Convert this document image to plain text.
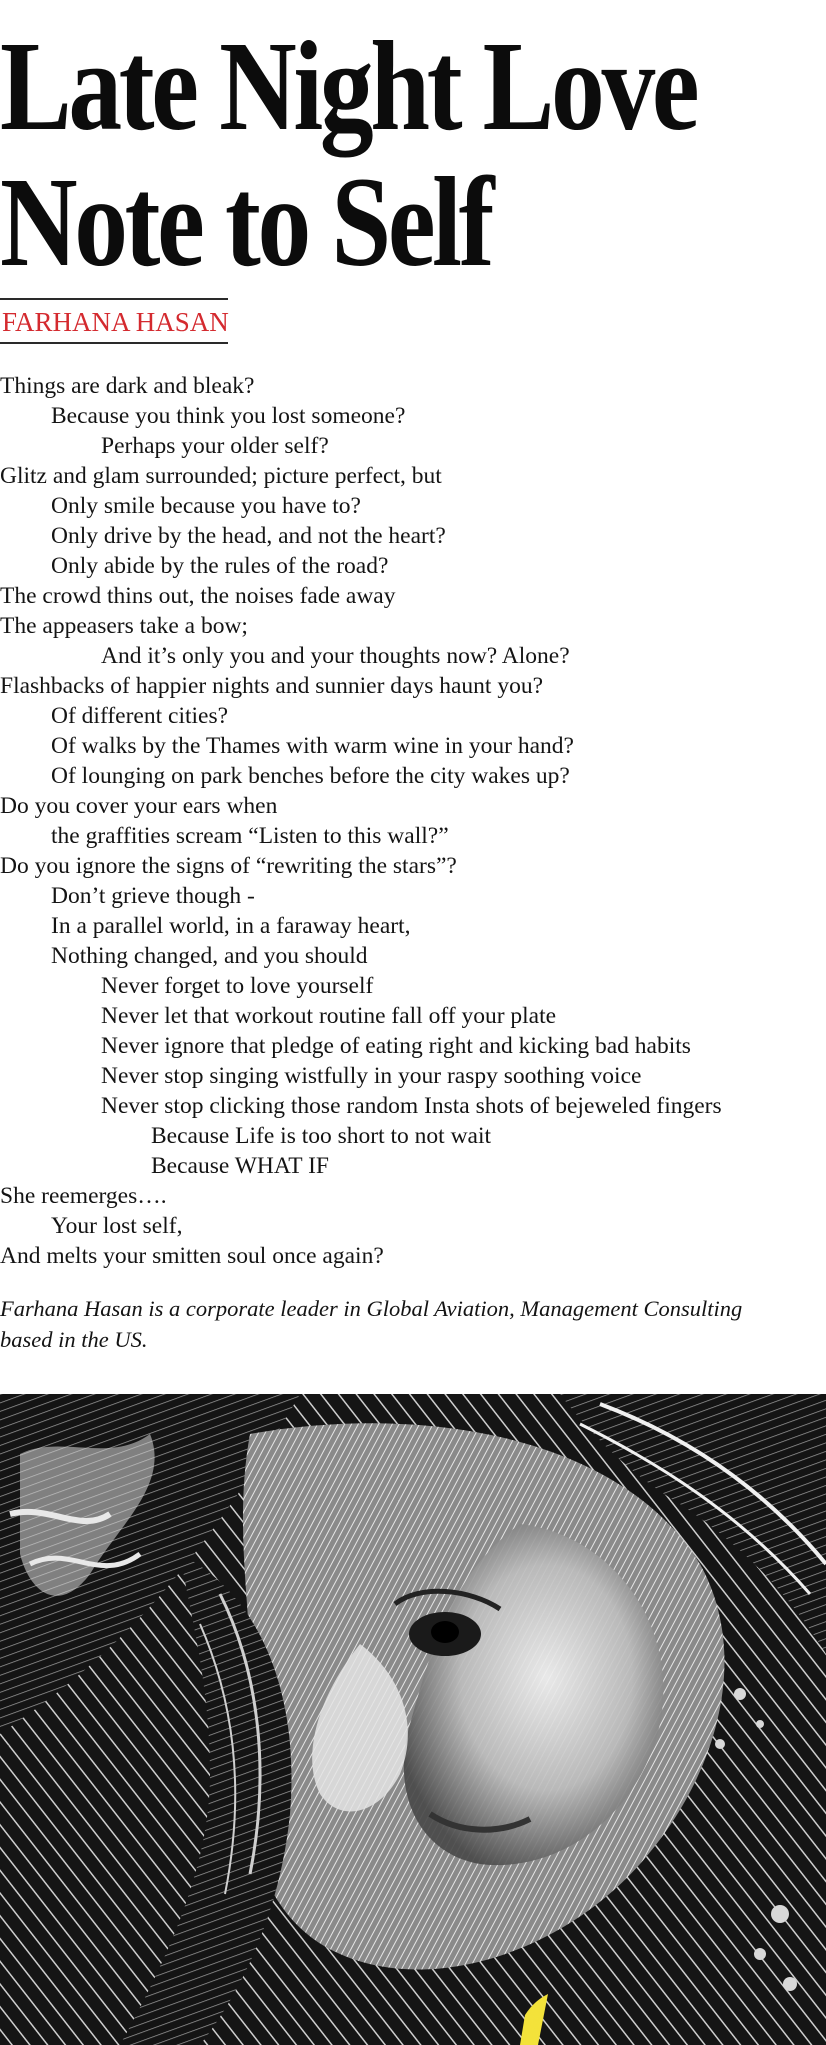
Late Night Love
Note to Self
FARHANA HASAN
Things are dark and bleak?
Because you think you lost someone?
Perhaps your older self?
Glitz and glam surrounded; picture perfect, but
Only smile because you have to?
Only drive by the head, and not the heart?
Only abide by the rules of the road?
The crowd thins out, the noises fade away
The appeasers take a bow;
And it’s only you and your thoughts now? Alone?
Flashbacks of happier nights and sunnier days haunt you?
Of different cities?
Of walks by the Thames with warm wine in your hand?
Of lounging on park benches before the city wakes up?
Do you cover your ears when
the graffities scream “Listen to this wall?”
Do you ignore the signs of “rewriting the stars”?
Don’t grieve though -
In a parallel world, in a faraway heart,
Nothing changed, and you should
Never forget to love yourself
Never let that workout routine fall off your plate
Never ignore that pledge of eating right and kicking bad habits
Never stop singing wistfully in your raspy soothing voice
Never stop clicking those random Insta shots of bejeweled fingers
Because Life is too short to not wait
Because WHAT IF
She reemerges….
Your lost self,
And melts your smitten soul once again?
Farhana Hasan is a corporate leader in Global Aviation, Management Consulting based in the US.
